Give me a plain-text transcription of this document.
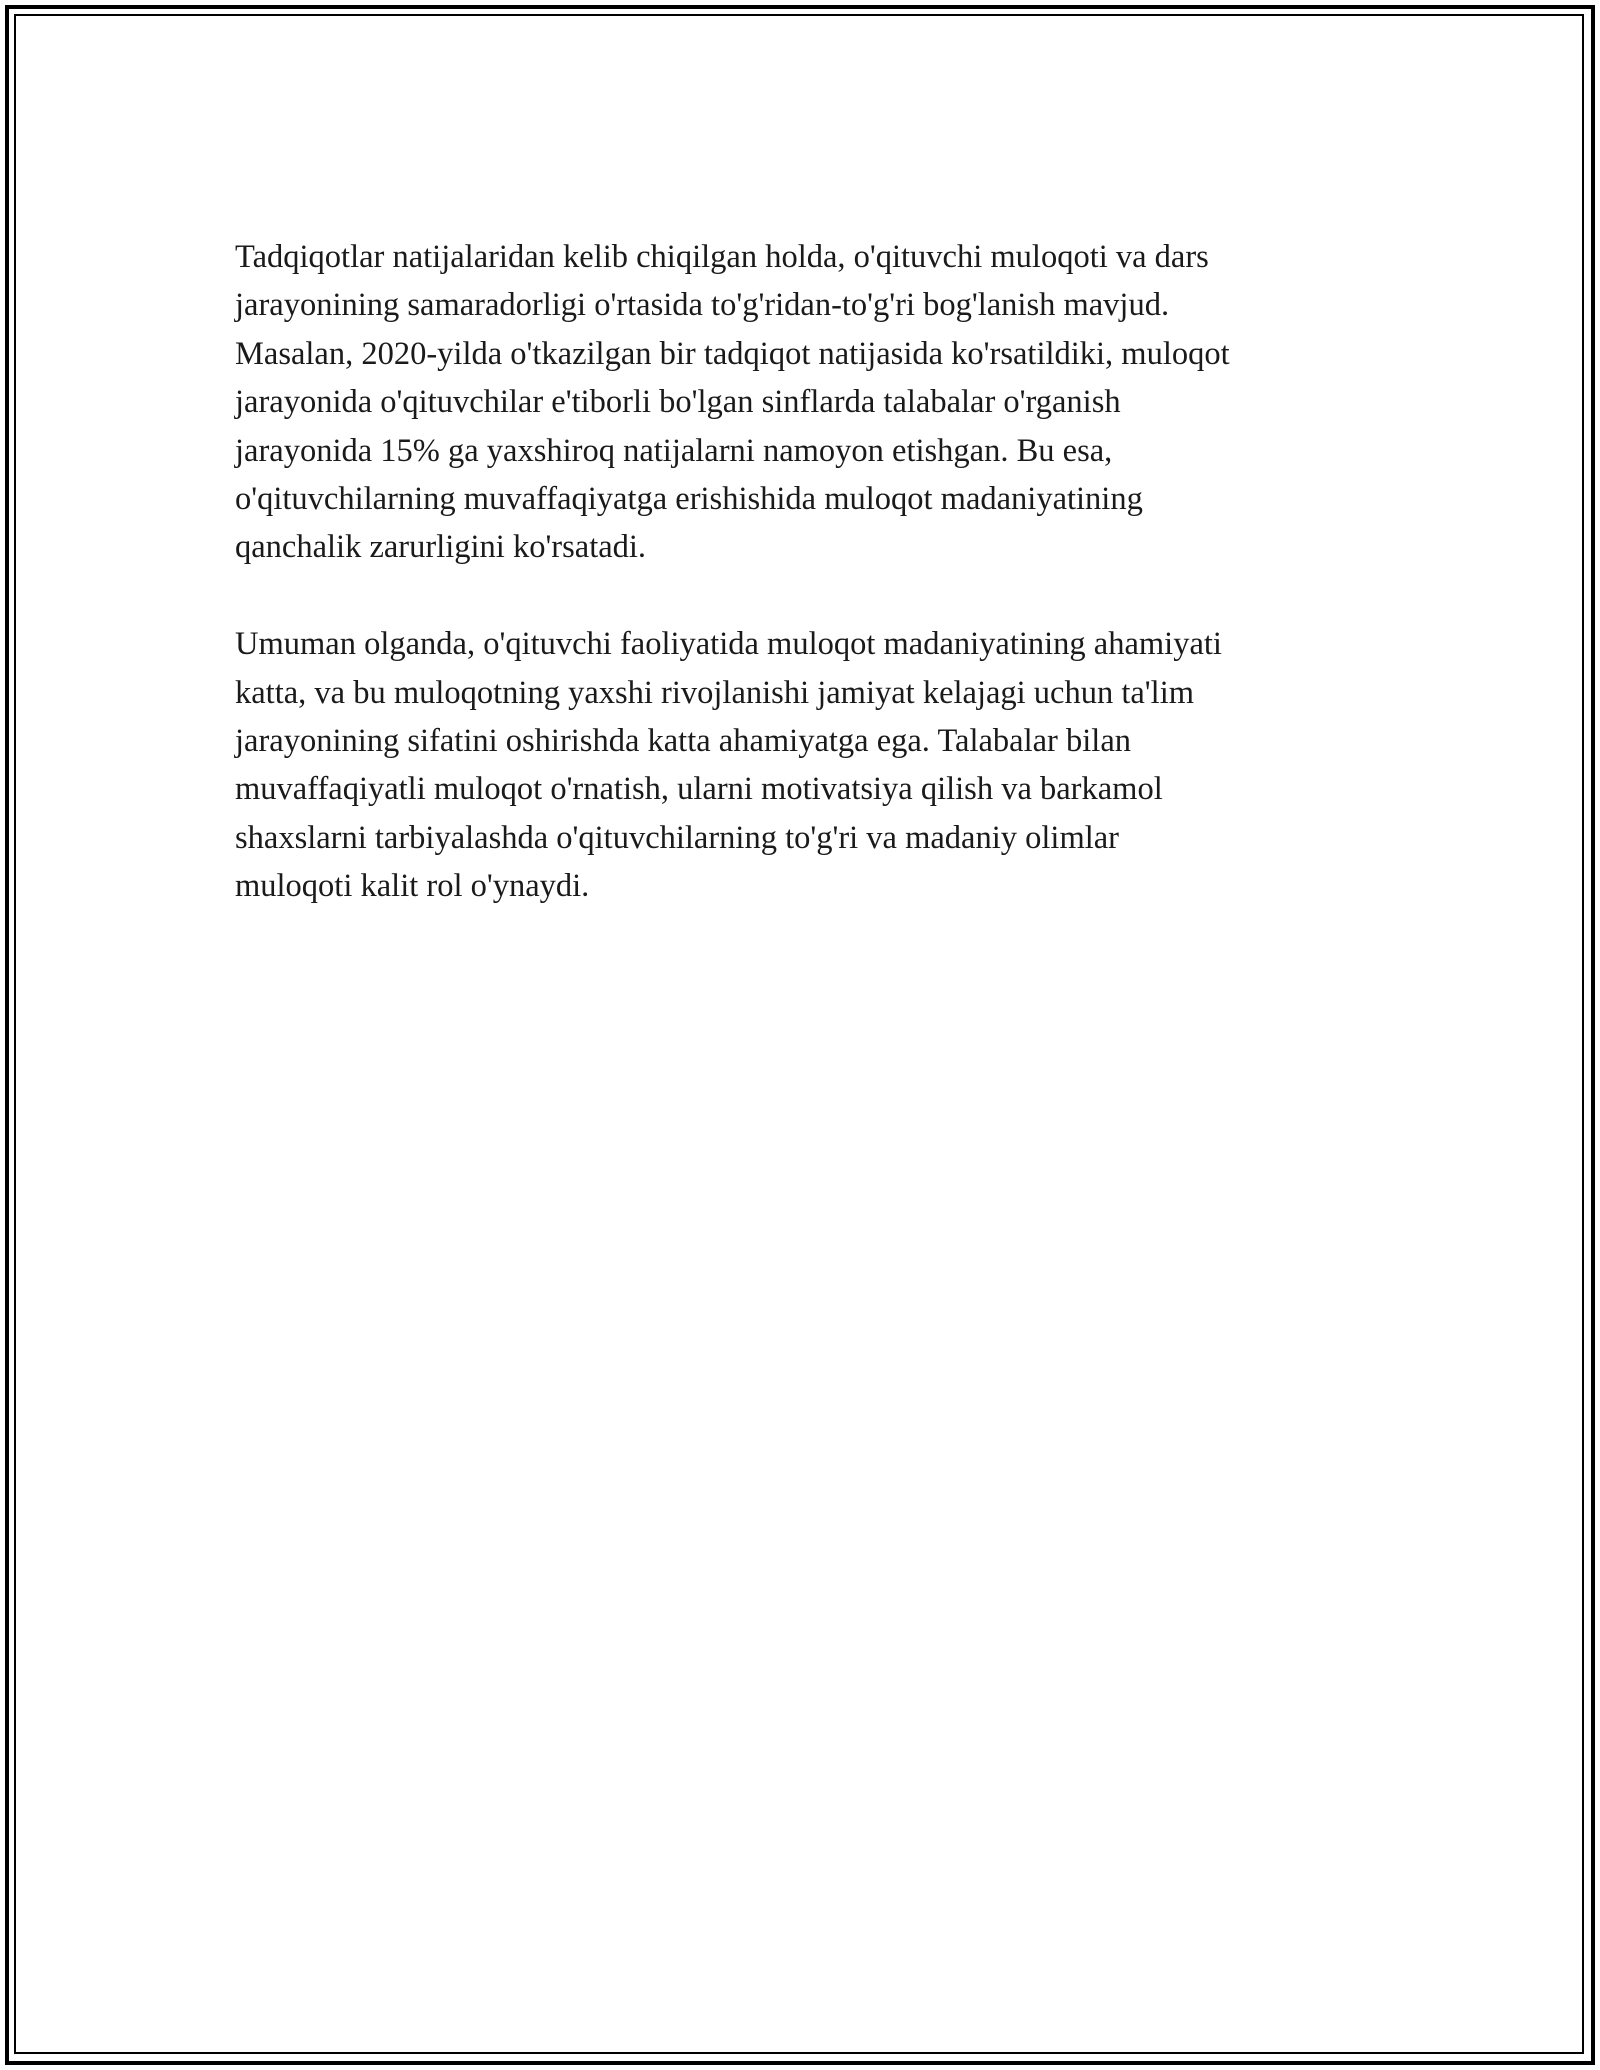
Tadqiqotlar natijalaridan kelib chiqilgan holda, o'qituvchi muloqoti va dars
jarayonining samaradorligi o'rtasida to'g'ridan-to'g'ri bog'lanish mavjud.
Masalan, 2020-yilda o'tkazilgan bir tadqiqot natijasida ko'rsatildiki, muloqot
jarayonida o'qituvchilar e'tiborli bo'lgan sinflarda talabalar o'rganish
jarayonida 15% ga yaxshiroq natijalarni namoyon etishgan. Bu esa,
o'qituvchilarning muvaffaqiyatga erishishida muloqot madaniyatining
qanchalik zarurligini ko'rsatadi.

Umuman olganda, o'qituvchi faoliyatida muloqot madaniyatining ahamiyati
katta, va bu muloqotning yaxshi rivojlanishi jamiyat kelajagi uchun ta'lim
jarayonining sifatini oshirishda katta ahamiyatga ega. Talabalar bilan
muvaffaqiyatli muloqot o'rnatish, ularni motivatsiya qilish va barkamol
shaxslarni tarbiyalashda o'qituvchilarning to'g'ri va madaniy olimlar
muloqoti kalit rol o'ynaydi.
